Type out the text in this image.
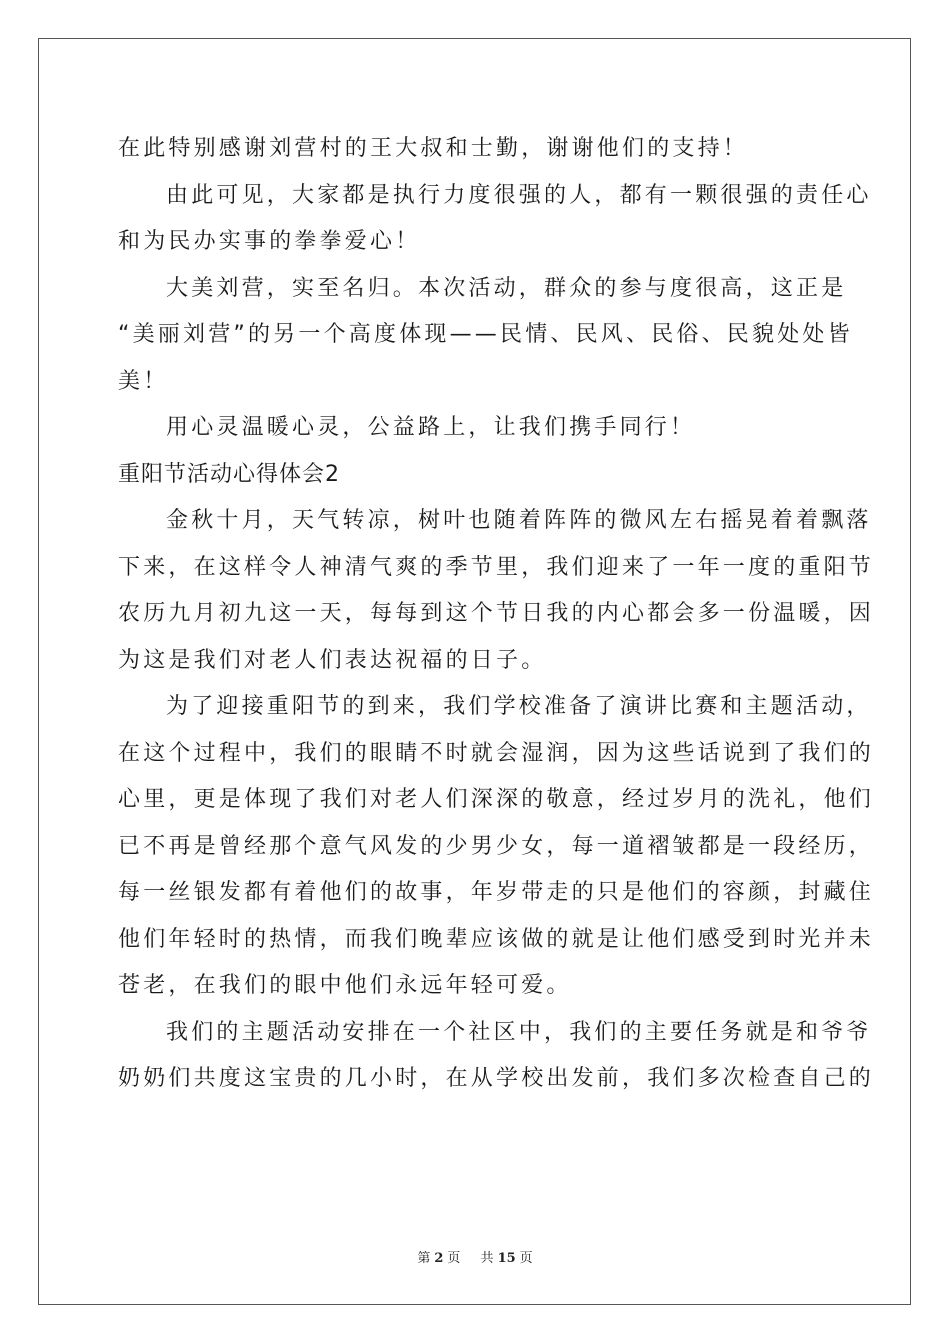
在此特别感谢刘营村的王大叔和士勤，谢谢他们的支持！
由此可见，大家都是执行力度很强的人，都有一颗很强的责任心
和为民办实事的拳拳爱心！
大美刘营，实至名归。本次活动，群众的参与度很高，这正是
“美丽刘营”的另一个高度体现——民情、民风、民俗、民貌处处皆
美！
用心灵温暖心灵，公益路上，让我们携手同行！
重阳节活动心得体会2
金秋十月，天气转凉，树叶也随着阵阵的微风左右摇晃着着飘落
下来，在这样令人神清气爽的季节里，我们迎来了一年一度的重阳节
农历九月初九这一天，每每到这个节日我的内心都会多一份温暖，因
为这是我们对老人们表达祝福的日子。
为了迎接重阳节的到来，我们学校准备了演讲比赛和主题活动，
在这个过程中，我们的眼睛不时就会湿润，因为这些话说到了我们的
心里，更是体现了我们对老人们深深的敬意，经过岁月的洗礼，他们
已不再是曾经那个意气风发的少男少女，每一道褶皱都是一段经历，
每一丝银发都有着他们的故事，年岁带走的只是他们的容颜，封藏住
他们年轻时的热情，而我们晚辈应该做的就是让他们感受到时光并未
苍老，在我们的眼中他们永远年轻可爱。
我们的主题活动安排在一个社区中，我们的主要任务就是和爷爷
奶奶们共度这宝贵的几小时，在从学校出发前，我们多次检查自己的
第 2 页 共 15 页
